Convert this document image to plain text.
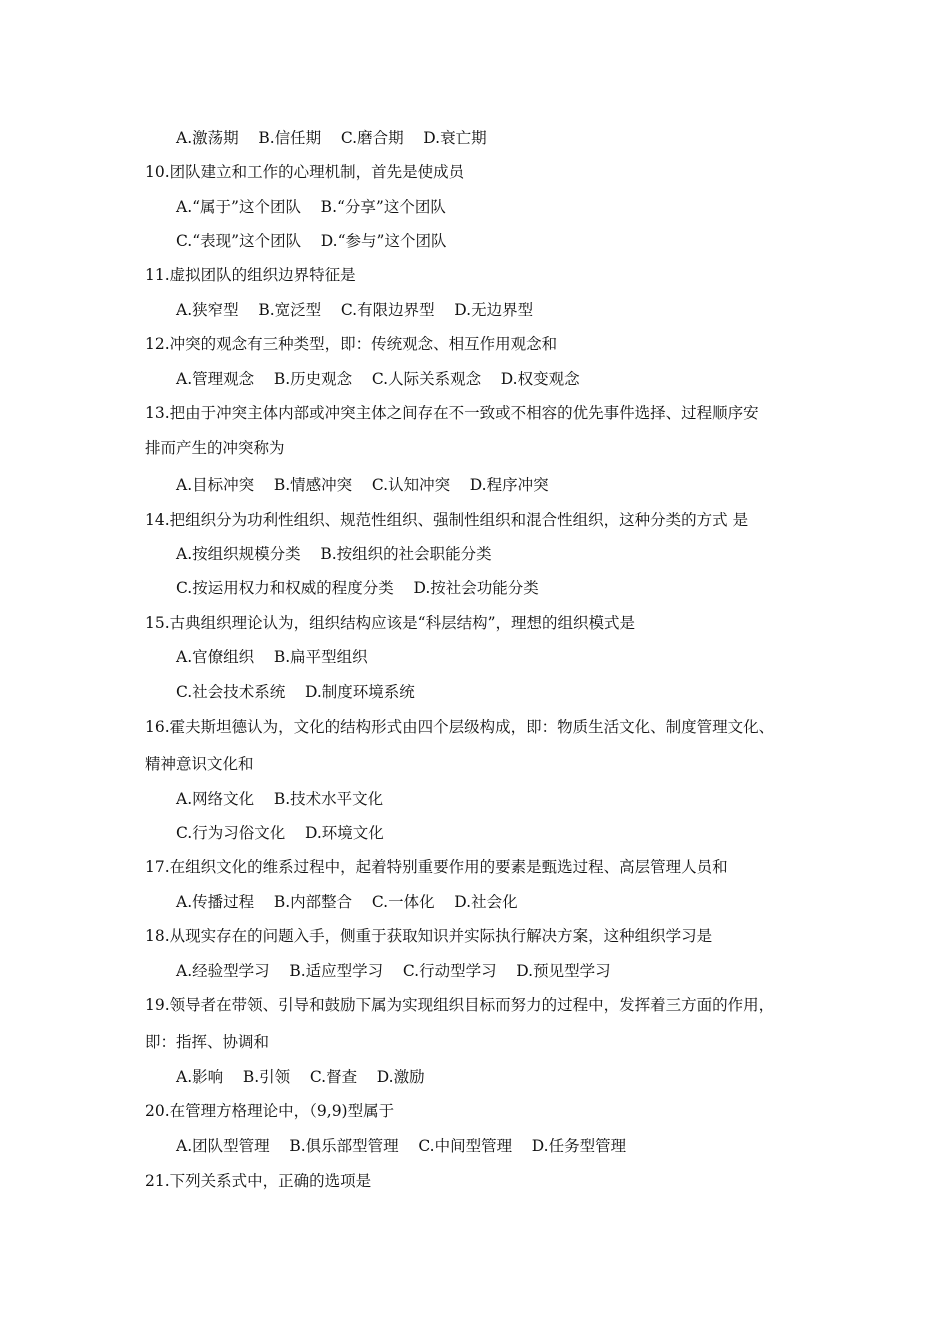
A.激荡期    B.信任期    C.磨合期    D.衰亡期
10.团队建立和工作的心理机制，首先是使成员
A.“属于”这个团队    B.“分享”这个团队
C.“表现”这个团队    D.“参与”这个团队
11.虚拟团队的组织边界特征是
A.狭窄型    B.宽泛型    C.有限边界型    D.无边界型
12.冲突的观念有三种类型，即：传统观念、相互作用观念和
A.管理观念    B.历史观念    C.人际关系观念    D.权变观念
13.把由于冲突主体内部或冲突主体之间存在不一致或不相容的优先事件选择、过程顺序安
排而产生的冲突称为
A.目标冲突    B.情感冲突    C.认知冲突    D.程序冲突
14.把组织分为功利性组织、规范性组织、强制性组织和混合性组织，这种分类的方式 是
A.按组织规模分类    B.按组织的社会职能分类
C.按运用权力和权威的程度分类    D.按社会功能分类
15.古典组织理论认为，组织结构应该是“科层结构”，理想的组织模式是
A.官僚组织    B.扁平型组织
C.社会技术系统    D.制度环境系统
16.霍夫斯坦德认为，文化的结构形式由四个层级构成，即：物质生活文化、制度管理文化、
精神意识文化和
A.网络文化    B.技术水平文化
C.行为习俗文化    D.环境文化
17.在组织文化的维系过程中，起着特别重要作用的要素是甄选过程、高层管理人员和
A.传播过程    B.内部整合    C.一体化    D.社会化
18.从现实存在的问题入手，侧重于获取知识并实际执行解决方案，这种组织学习是
A.经验型学习    B.适应型学习    C.行动型学习    D.预见型学习
19.领导者在带领、引导和鼓励下属为实现组织目标而努力的过程中，发挥着三方面的作用，
即：指挥、协调和
A.影响    B.引领    C.督查    D.激励
20.在管理方格理论中，（9,9)型属于
A.团队型管理    B.俱乐部型管理    C.中间型管理    D.任务型管理
21.下列关系式中，正确的选项是
